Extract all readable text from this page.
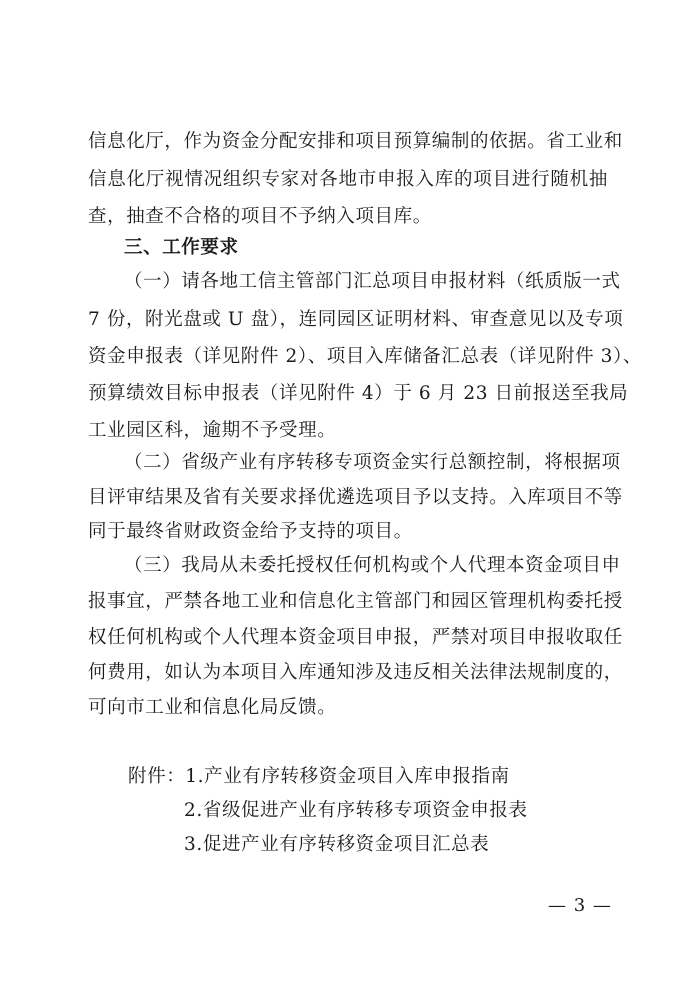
信息化厅，作为资金分配安排和项目预算编制的依据。省工业和
信息化厅视情况组织专家对各地市申报入库的项目进行随机抽
查，抽查不合格的项目不予纳入项目库。
三、工作要求
（一）请各地工信主管部门汇总项目申报材料（纸质版一式
7 份，附光盘或 U 盘），连同园区证明材料、审查意见以及专项
资金申报表（详见附件 2）、项目入库储备汇总表（详见附件 3）、
预算绩效目标申报表（详见附件 4）于 6 月 23 日前报送至我局
工业园区科，逾期不予受理。
（二）省级产业有序转移专项资金实行总额控制，将根据项
目评审结果及省有关要求择优遴选项目予以支持。入库项目不等
同于最终省财政资金给予支持的项目。
（三）我局从未委托授权任何机构或个人代理本资金项目申
报事宜，严禁各地工业和信息化主管部门和园区管理机构委托授
权任何机构或个人代理本资金项目申报，严禁对项目申报收取任
何费用，如认为本项目入库通知涉及违反相关法律法规制度的，
可向市工业和信息化局反馈。
附件：1.产业有序转移资金项目入库申报指南
2.省级促进产业有序转移专项资金申报表
3.促进产业有序转移资金项目汇总表
— 3 —
